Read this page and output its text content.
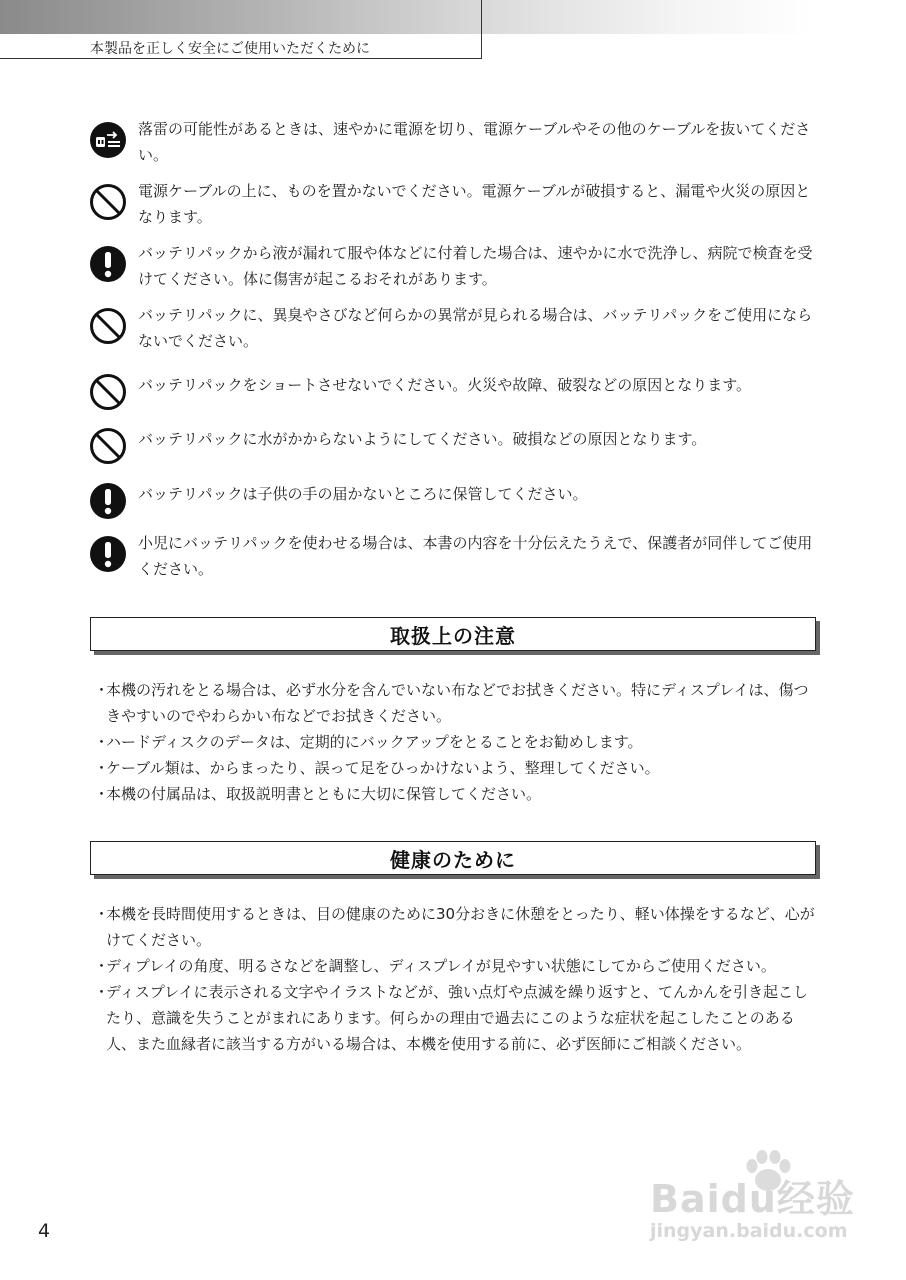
本製品を正しく安全にご使用いただくために
落雷の可能性があるときは、速やかに電源を切り、電源ケーブルやその他のケーブルを抜いてください。
電源ケーブルの上に、ものを置かないでください。電源ケーブルが破損すると、漏電や火災の原因となります。
バッテリパックから液が漏れて服や体などに付着した場合は、速やかに水で洗浄し、病院で検査を受けてください。体に傷害が起こるおそれがあります。
バッテリパックに、異臭やさびなど何らかの異常が見られる場合は、バッテリパックをご使用にならないでください。
バッテリパックをショートさせないでください。火災や故障、破裂などの原因となります。
バッテリパックに水がかからないようにしてください。破損などの原因となります。
バッテリパックは子供の手の届かないところに保管してください。
小児にバッテリパックを使わせる場合は、本書の内容を十分伝えたうえで、保護者が同伴してご使用ください。
取扱上の注意
・
本機の汚れをとる場合は、必ず水分を含んでいない布などでお拭きください。特にディスプレイは、傷つきやすいのでやわらかい布などでお拭きください。
・
ハードディスクのデータは、定期的にバックアップをとることをお勧めします。
・
ケーブル類は、からまったり、誤って足をひっかけないよう、整理してください。
・
本機の付属品は、取扱説明書とともに大切に保管してください。
健康のために
・
本機を長時間使用するときは、目の健康のために30分おきに休憩をとったり、軽い体操をするなど、心がけてください。
・
ディプレイの角度、明るさなどを調整し、ディスプレイが見やすい状態にしてからご使用ください。
・
ディスプレイに表示される文字やイラストなどが、強い点灯や点滅を繰り返すと、てんかんを引き起こしたり、意識を失うことがまれにあります。何らかの理由で過去にこのような症状を起こしたことのある人、また血縁者に該当する方がいる場合は、本機を使用する前に、必ず医師にご相談ください。
4
Baidu经验
jingyan.baidu.com
